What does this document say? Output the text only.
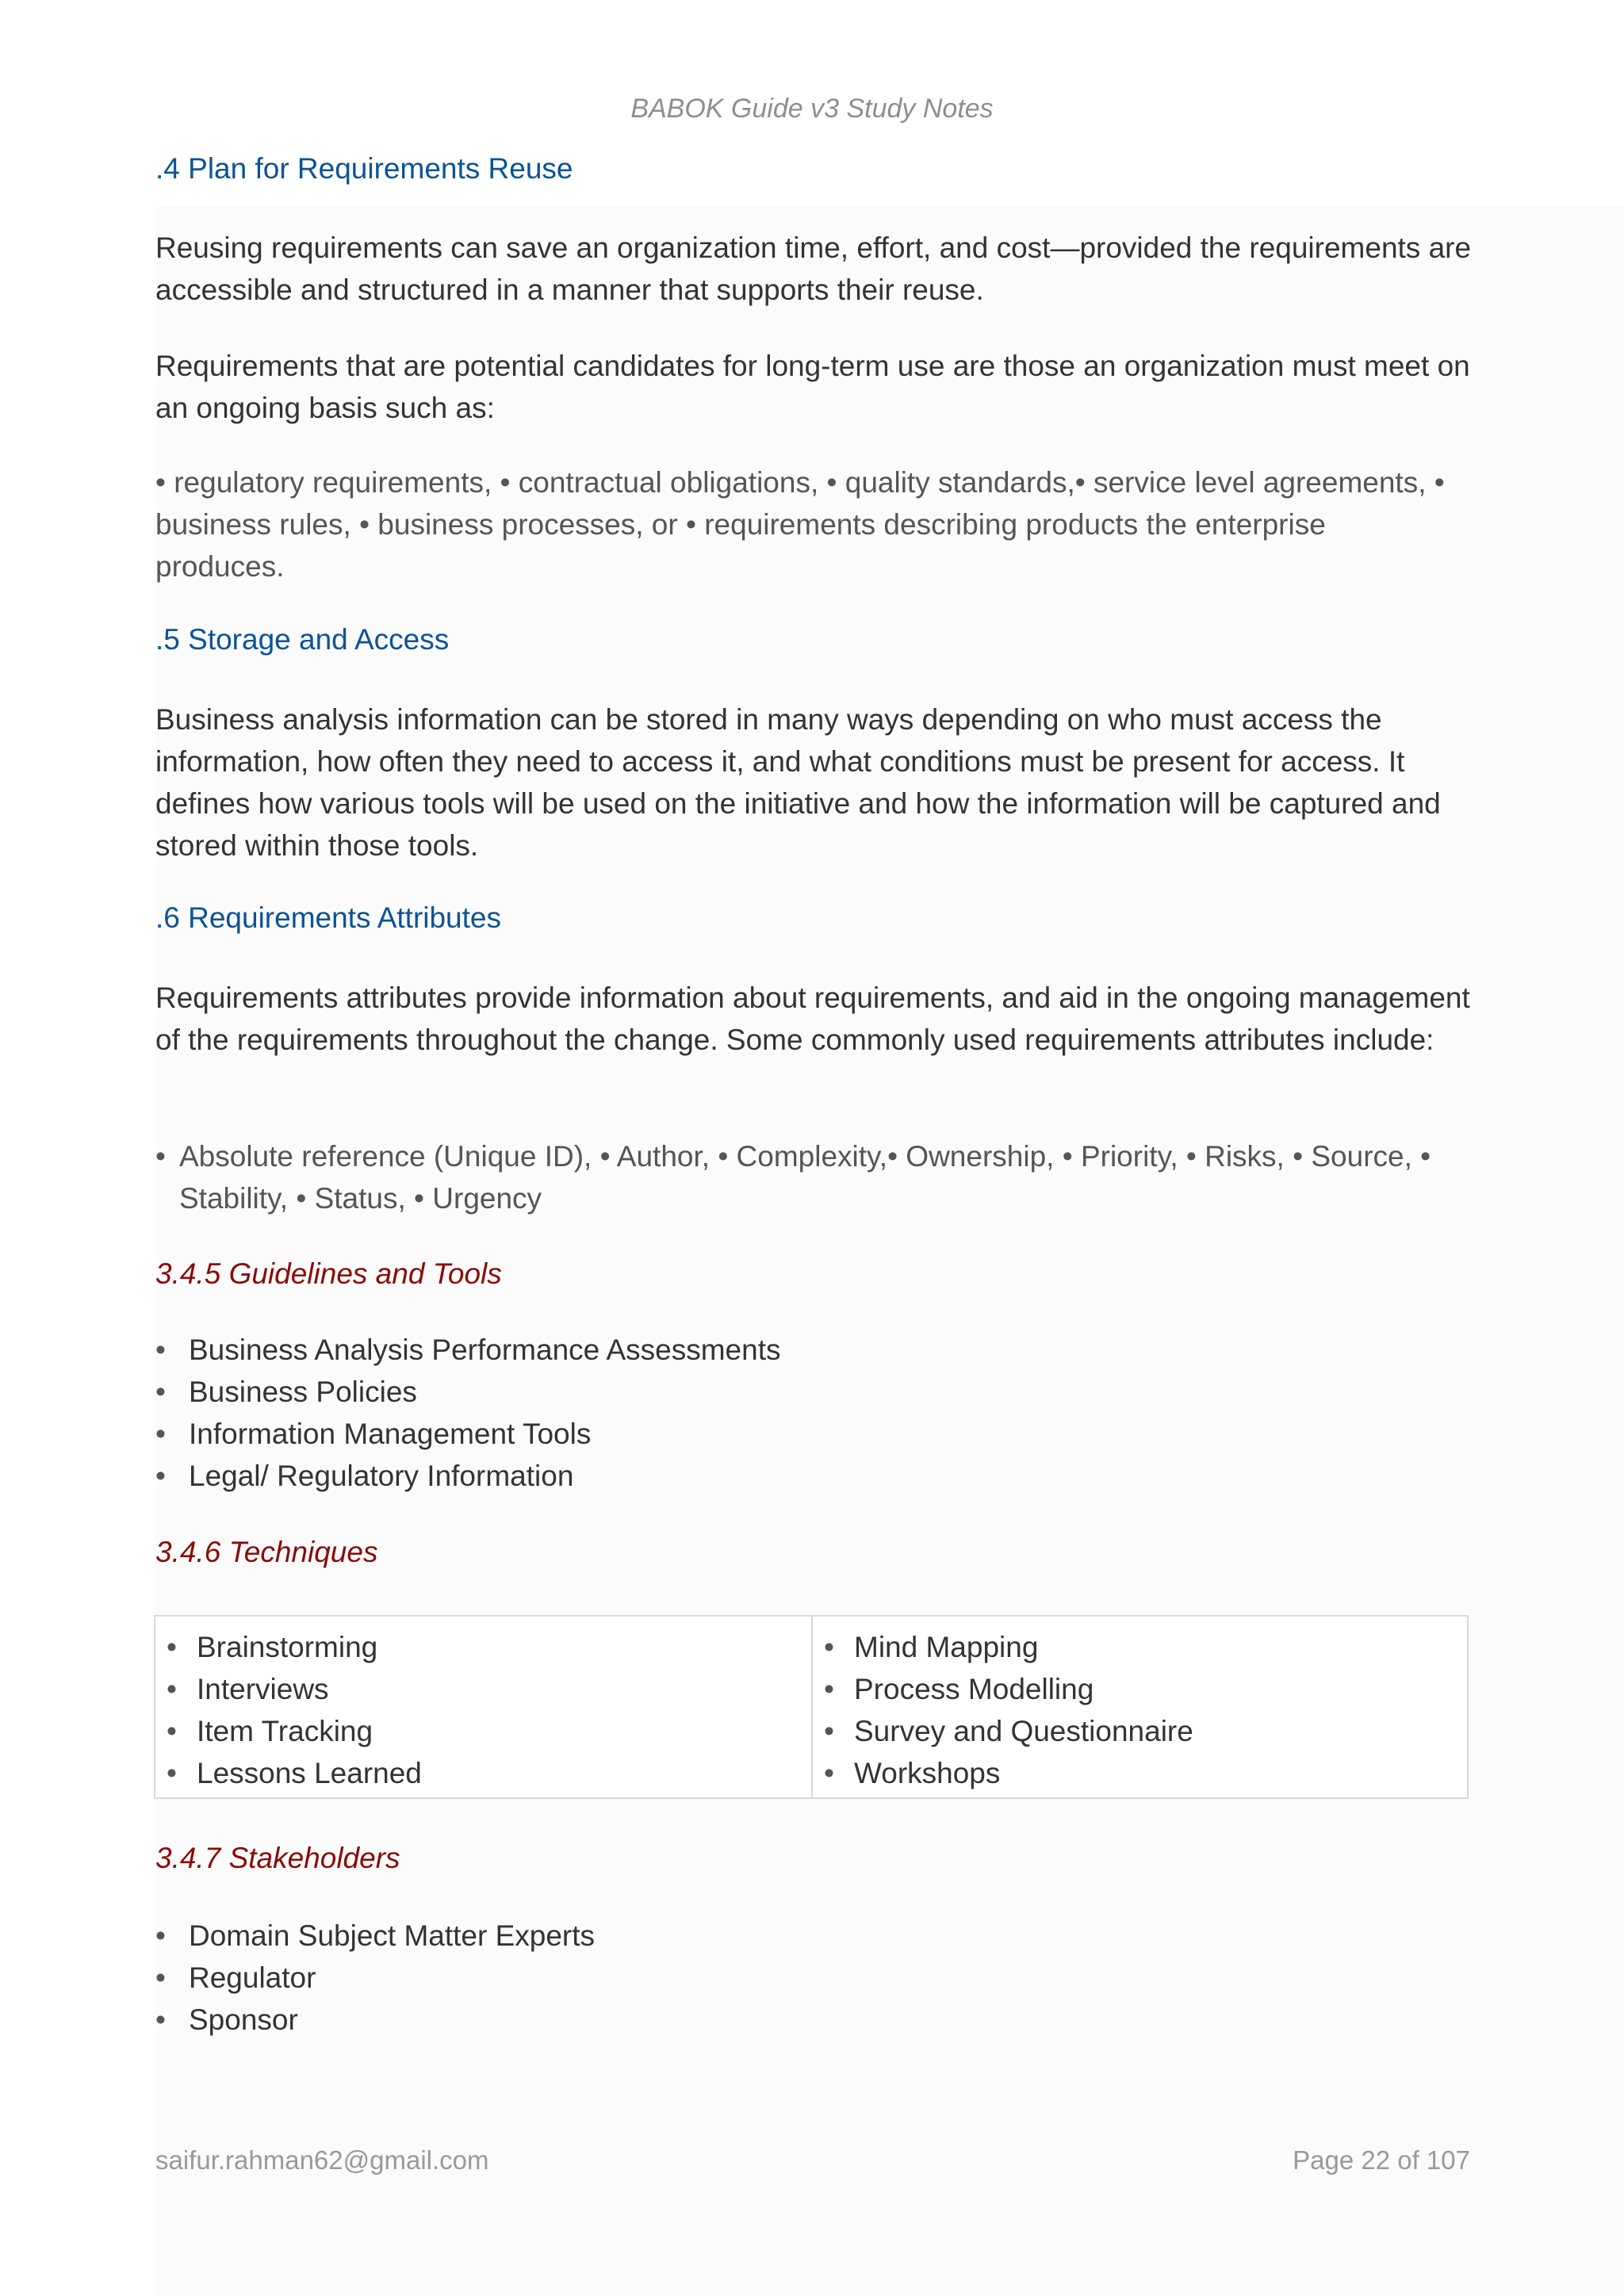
BABOK Guide v3 Study Notes
.4 Plan for Requirements Reuse

Reusing requirements can save an organization time, effort, and cost—provided the requirements are accessible and structured in a manner that supports their reuse.

Requirements that are potential candidates for long-term use are those an organization must meet on an ongoing basis such as:

• regulatory requirements, • contractual obligations, • quality standards,• service level agreements, • business rules, • business processes, or • requirements describing products the enterprise produces.

.5 Storage and Access

Business analysis information can be stored in many ways depending on who must access the information, how often they need to access it, and what conditions must be present for access. It defines how various tools will be used on the initiative and how the information will be captured and stored within those tools.

.6 Requirements Attributes

Requirements attributes provide information about requirements, and aid in the ongoing management of the requirements throughout the change. Some commonly used requirements attributes include:

• Absolute reference (Unique ID), • Author, • Complexity,• Ownership, • Priority, • Risks, • Source, • Stability, • Status, • Urgency

3.4.5 Guidelines and Tools
• Business Analysis Performance Assessments
• Business Policies
• Information Management Tools
• Legal/ Regulatory Information
3.4.6 Techniques
• Brainstorming
• Interviews
• Item Tracking
• Lessons Learned
• Mind Mapping
• Process Modelling
• Survey and Questionnaire
• Workshops
3.4.7 Stakeholders
• Domain Subject Matter Experts
• Regulator
• Sponsor
saifur.rahman62@gmail.com	Page 22 of 107
